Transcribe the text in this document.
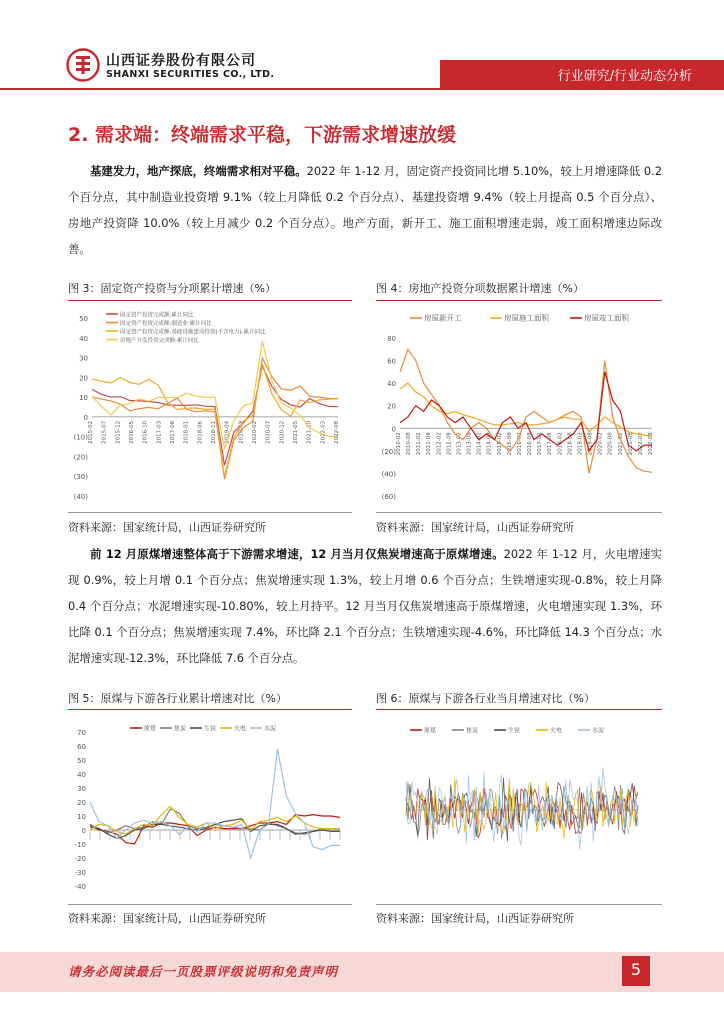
山西证券股份有限公司
SHANXI SECURITIES CO., LTD.	行业研究/行业动态分析
2. 需求端：终端需求平稳，下游需求增速放缓
基建发力，地产探底，终端需求相对平稳。2022 年 1-12 月，固定资产投资同比增 5.10%，较上月增速降低 0.2 个百分点，其中制造业投资增 9.1%（较上月降低 0.2 个百分点）、基建投资增 9.4%（较上月提高 0.5 个百分点）、房地产投资降 10.0%（较上月减少 0.2 个百分点）。地产方面，新开工、施工面积增速走弱，竣工面积增速边际改善。
图 3：固定资产投资与分项累计增速（%）	图 4：房地产投资分项数据累计增速（%）
50
40
30
20
10
0
(10)
(20)
(30)
(40)
2015-02 2015-07 2015-12 2016-05 2016-10 2017-03 2017-08 2018-01 2018-06 2018-11 2019-04 2019-09 2020-02 2020-07 2020-12 2021-05 2021-10 2022-03 2022-08
固定资产投资完成额:累计同比
固定资产投资完成额:制造业:累计同比
固定资产投资完成额:基础设施建设投资(不含电力):累计同比
房地产开发投资完成额:累计同比	80
60
40
20
0
(20)
(40)
(60)
2010-02 2010-08 2011-02 2011-08 2012-02 2012-08 2013-02 2013-08 2014-02 2014-08 2015-02 2015-08 2016-02 2016-08 2017-02 2017-08 2018-02 2018-08 2019-02 2019-08 2020-02 2020-08 2021-02 2021-08 2022-02 2022-08
房屋新开工	房屋施工面积	房屋竣工面积
资料来源：国家统计局，山西证券研究所	资料来源：国家统计局，山西证券研究所
前 12 月原煤增速整体高于下游需求增速，12 月当月仅焦炭增速高于原煤增速。2022 年 1-12 月，火电增速实现 0.9%，较上月增 0.1 个百分点；焦炭增速实现 1.3%，较上月增 0.6 个百分点；生铁增速实现-0.8%，较上月降 0.4 个百分点；水泥增速实现-10.80%，较上月持平。12 月当月仅焦炭增速高于原煤增速，火电增速实现 1.3%，环比降 0.1 个百分点；焦炭增速实现 7.4%，环比降 2.1 个百分点；生铁增速实现-4.6%，环比降低 14.3 个百分点；水泥增速实现-12.3%，环比降低 7.6 个百分点。
图 5：原煤与下游各行业累计增速对比（%）	图 6：原煤与下游各行业当月增速对比（%）
70
60
50
40
30
20
10
0
-10
-20
-30
-40
原煤	焦炭	生铁	火电	水泥	原煤	焦炭	生铁	火电	水泥
资料来源：国家统计局，山西证券研究所	资料来源：国家统计局，山西证券研究所
请务必阅读最后一页股票评级说明和免责声明	5
